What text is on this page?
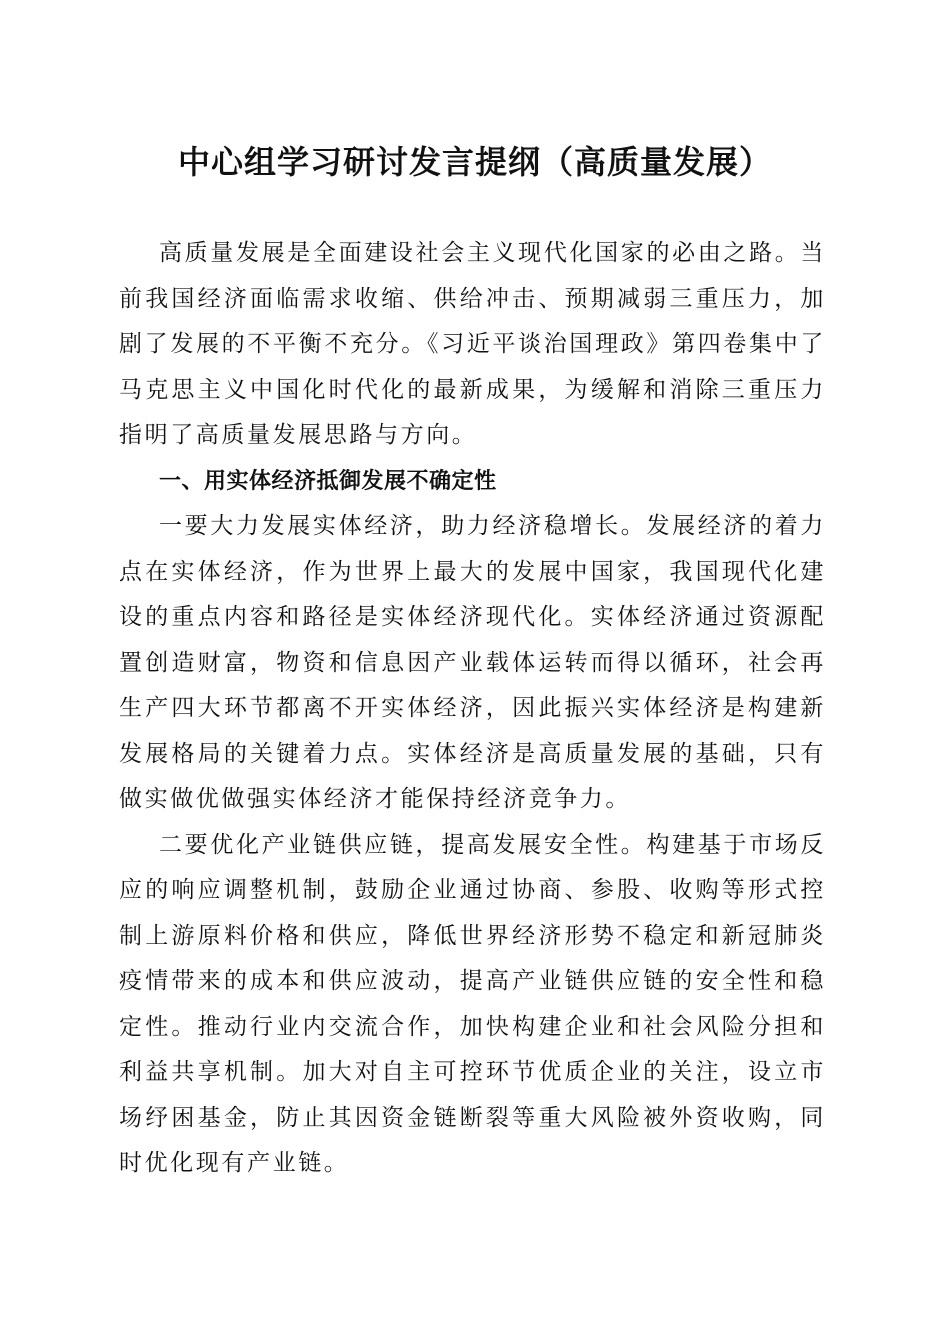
中心组学习研讨发言提纲（高质量发展）

高质量发展是全面建设社会主义现代化国家的必由之路。当前我国经济面临需求收缩、供给冲击、预期减弱三重压力，加剧了发展的不平衡不充分。《习近平谈治国理政》第四卷集中了马克思主义中国化时代化的最新成果，为缓解和消除三重压力指明了高质量发展思路与方向。

一、用实体经济抵御发展不确定性

一要大力发展实体经济，助力经济稳增长。发展经济的着力点在实体经济，作为世界上最大的发展中国家，我国现代化建设的重点内容和路径是实体经济现代化。实体经济通过资源配置创造财富，物资和信息因产业载体运转而得以循环，社会再生产四大环节都离不开实体经济，因此振兴实体经济是构建新发展格局的关键着力点。实体经济是高质量发展的基础，只有做实做优做强实体经济才能保持经济竞争力。

二要优化产业链供应链，提高发展安全性。构建基于市场反应的响应调整机制，鼓励企业通过协商、参股、收购等形式控制上游原料价格和供应，降低世界经济形势不稳定和新冠肺炎疫情带来的成本和供应波动，提高产业链供应链的安全性和稳定性。推动行业内交流合作，加快构建企业和社会风险分担和利益共享机制。加大对自主可控环节优质企业的关注，设立市场纾困基金，防止其因资金链断裂等重大风险被外资收购，同时优化现有产业链。
